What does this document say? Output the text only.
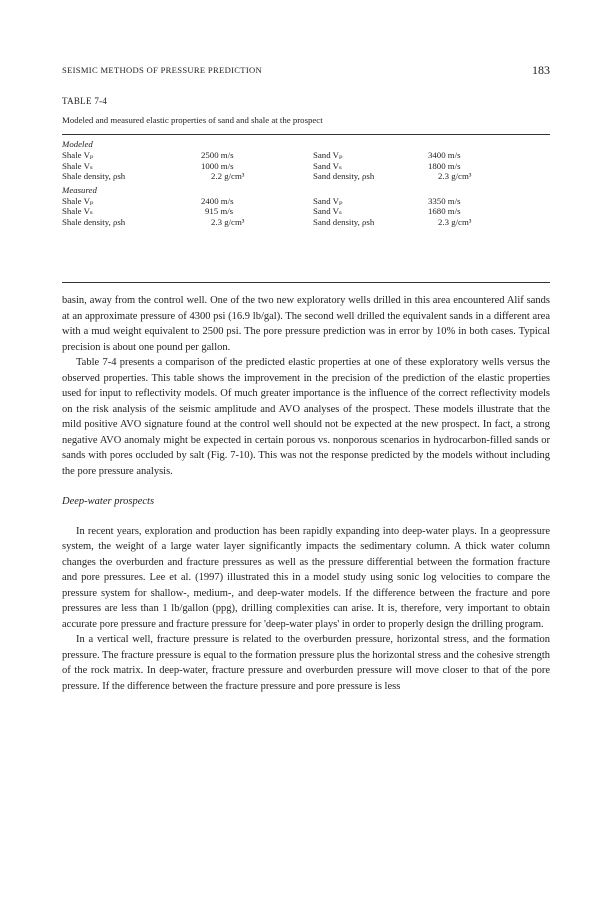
SEISMIC METHODS OF PRESSURE PREDICTION	183
TABLE 7-4
Modeled and measured elastic properties of sand and shale at the prospect
Modeled
Shale Vₚ	2500 m/s	Sand Vₚ	3400 m/s
Shale Vₛ	1000 m/s	Sand Vₛ	1800 m/s
Shale density, ρsh	2.2 g/cm³	Sand density, ρsh	2.3 g/cm³
Measured
Shale Vₚ	2400 m/s	Sand Vₚ	3350 m/s
Shale Vₛ	915 m/s	Sand Vₛ	1680 m/s
Shale density, ρsh	2.3 g/cm³	Sand density, ρsh	2.3 g/cm³

basin, away from the control well. One of the two new exploratory wells drilled in this area encountered Alif sands at an approximate pressure of 4300 psi (16.9 lb/gal). The second well drilled the equivalent sands in a different area with a mud weight equivalent to 2500 psi. The pore pressure prediction was in error by 10% in both cases. Typical precision is about one pound per gallon.

Table 7-4 presents a comparison of the predicted elastic properties at one of these exploratory wells versus the observed properties. This table shows the improvement in the precision of the prediction of the elastic properties used for input to reflectivity models. Of much greater importance is the influence of the correct reflectivity models on the risk analysis of the seismic amplitude and AVO analyses of the prospect. These models illustrate that the mild positive AVO signature found at the control well should not be expected at the new prospect. In fact, a strong negative AVO anomaly might be expected in certain porous vs. nonporous scenarios in hydrocarbon-filled sands or sands with pores occluded by salt (Fig. 7-10). This was not the response predicted by the models without including the pore pressure analysis.

Deep-water prospects

In recent years, exploration and production has been rapidly expanding into deep-water plays. In a geopressure system, the weight of a large water layer significantly impacts the sedimentary column. A thick water column changes the overburden and fracture pressures as well as the pressure differential between the formation fracture and pore pressures. Lee et al. (1997) illustrated this in a model study using sonic log velocities to compare the pressure system for shallow-, medium-, and deep-water models. If the difference between the fracture and pore pressures are less than 1 lb/gallon (ppg), drilling complexities can arise. It is, therefore, very important to obtain accurate pore pressure and fracture pressure for 'deep-water plays' in order to properly design the drilling program.

In a vertical well, fracture pressure is related to the overburden pressure, horizontal stress, and the formation pressure. The fracture pressure is equal to the formation pressure plus the horizontal stress and the cohesive strength of the rock matrix. In deep-water, fracture pressure and overburden pressure will move closer to that of the pore pressure. If the difference between the fracture pressure and pore pressure is less
